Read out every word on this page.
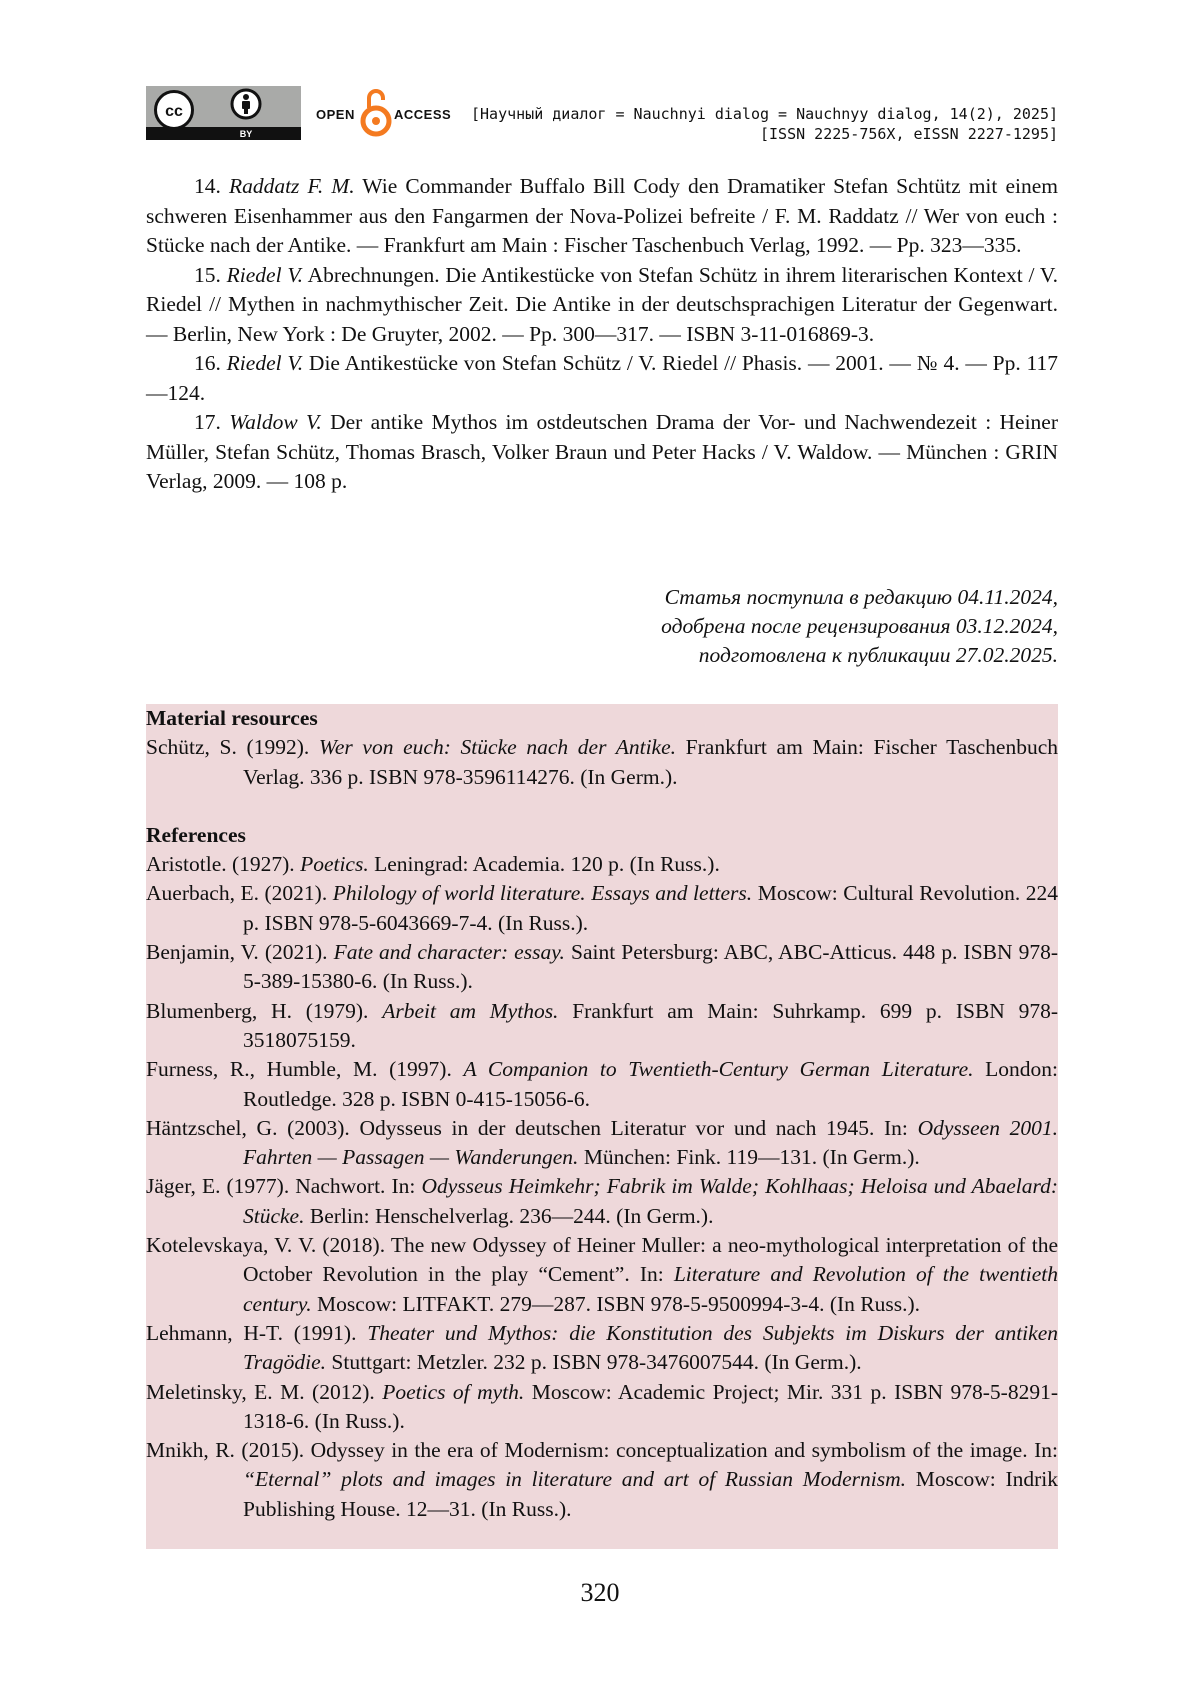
cc
BY
OPEN	ACCESS [Научный диалог = Nauchnyi dialog = Nauchnyy dialog, 14(2), 2025]
[ISSN 2225-756X, eISSN 2227-1295]

14. Raddatz F. M. Wie Commander Buffalo Bill Cody den Dramatiker Stefan Schtütz mit einem schweren Eisenhammer aus den Fangarmen der Nova-Polizei befreite / F. M. Raddatz // Wer von euch : Stücke nach der Antike. — Frankfurt am Main : Fischer Taschenbuch Verlag, 1992. — Pp. 323—335.

15. Riedel V. Abrechnungen. Die Antikestücke von Stefan Schütz in ihrem literarischen Kontext / V. Riedel // Mythen in nachmythischer Zeit. Die Antike in der deutschsprachigen Literatur der Gegenwart. — Berlin, New York : De Gruyter, 2002. — Pp. 300—317. — ISBN 3-11-016869-3.

16. Riedel V. Die Antikestücke von Stefan Schütz / V. Riedel // Phasis. — 2001. — № 4. — Pp. 117—124.

17. Waldow V. Der antike Mythos im ostdeutschen Drama der Vor- und Nachwendezeit : Heiner Müller, Stefan Schütz, Thomas Brasch, Volker Braun und Peter Hacks / V. Waldow. — München : GRIN Verlag, 2009. — 108 p.

Статья поступила в редакцию 04.11.2024,
одобрена после рецензирования 03.12.2024,
подготовлена к публикации 27.02.2025.

Material resources

Schütz, S. (1992). Wer von euch: Stücke nach der Antike. Frankfurt am Main: Fischer Taschenbuch Verlag. 336 p. ISBN 978-3596114276. (In Germ.).

References

Aristotle. (1927). Poetics. Leningrad: Academia. 120 p. (In Russ.).

Auerbach, E. (2021). Philology of world literature. Essays and letters. Moscow: Cultural Revolution. 224 p. ISBN 978-5-6043669-7-4. (In Russ.).

Benjamin, V. (2021). Fate and character: essay. Saint Petersburg: ABC, ABC-Atticus. 448 p. ISBN 978-5-389-15380-6. (In Russ.).

Blumenberg, H. (1979). Arbeit am Mythos. Frankfurt am Main: Suhrkamp. 699 p. ISBN 978-3518075159.

Furness, R., Humble, M. (1997). A Companion to Twentieth-Century German Literature. London: Routledge. 328 p. ISBN 0-415-15056-6.

Häntzschel, G. (2003). Odysseus in der deutschen Literatur vor und nach 1945. In: Odysseen 2001. Fahrten — Passagen — Wanderungen. München: Fink. 119—131. (In Germ.).

Jäger, E. (1977). Nachwort. In: Odysseus Heimkehr; Fabrik im Walde; Kohlhaas; Heloisa und Abaelard: Stücke. Berlin: Henschelverlag. 236—244. (In Germ.).

Kotelevskaya, V. V. (2018). The new Odyssey of Heiner Muller: a neo-mythological interpretation of the October Revolution in the play “Cement”. In: Literature and Revolution of the twentieth century. Moscow: LITFAKT. 279—287. ISBN 978-5-9500994-3-4. (In Russ.).

Lehmann, H-T. (1991). Theater und Mythos: die Konstitution des Subjekts im Diskurs der antiken Tragödie. Stuttgart: Metzler. 232 p. ISBN 978-3476007544. (In Germ.).

Meletinsky, E. M. (2012). Poetics of myth. Moscow: Academic Project; Mir. 331 p. ISBN 978-5-8291-1318-6. (In Russ.).

Mnikh, R. (2015). Odyssey in the era of Modernism: conceptualization and symbolism of the image. In: “Eternal” plots and images in literature and art of Russian Modernism. Moscow: Indrik Publishing House. 12—31. (In Russ.).

320
